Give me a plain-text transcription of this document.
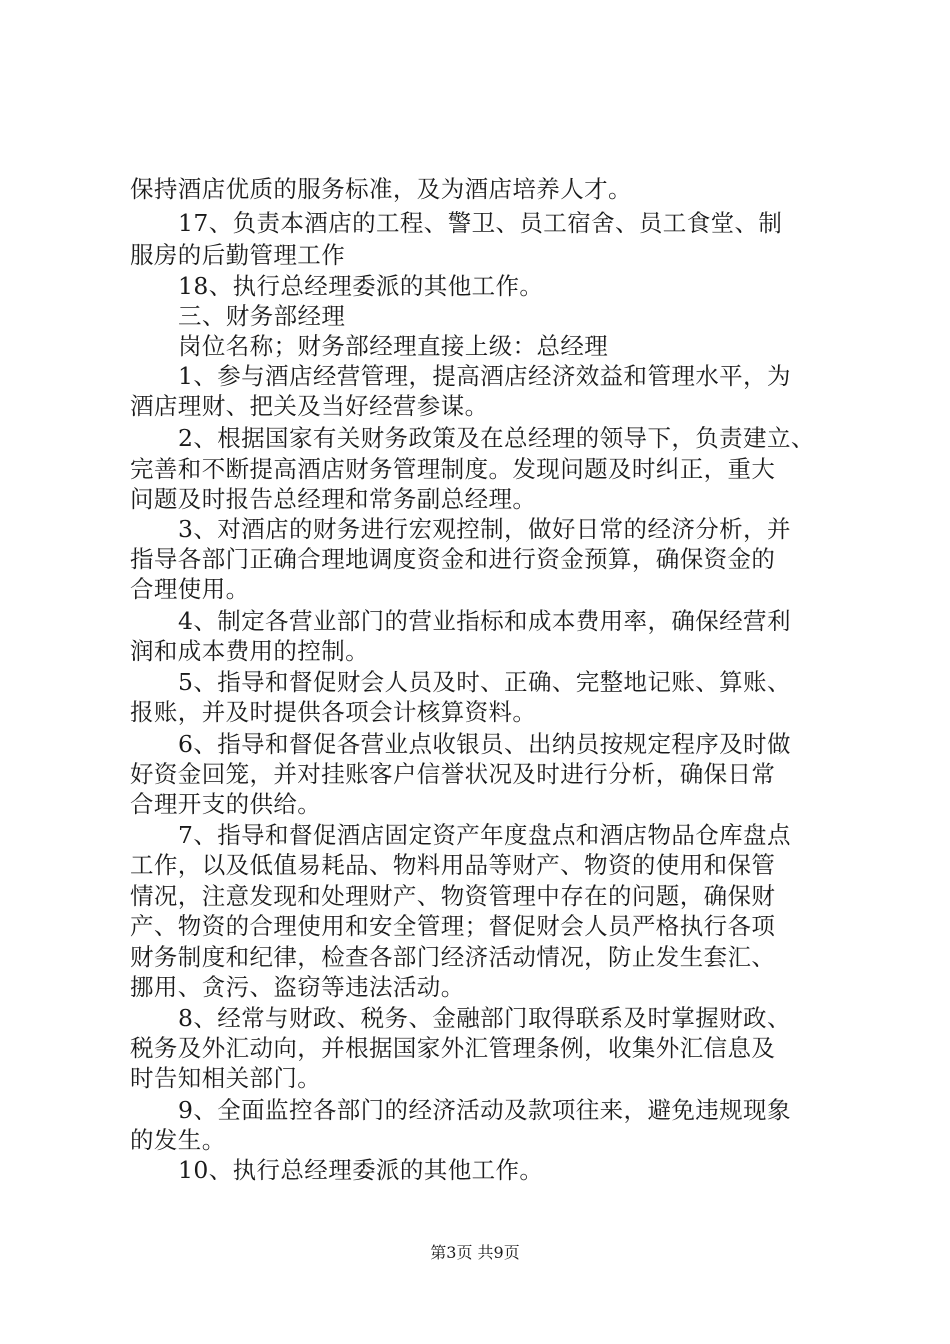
保持酒店优质的服务标准，及为酒店培养人才。
17、负责本酒店的工程、警卫、员工宿舍、员工食堂、制
服房的后勤管理工作
18、执行总经理委派的其他工作。
三、财务部经理
岗位名称；财务部经理直接上级：总经理
1、参与酒店经营管理，提高酒店经济效益和管理水平，为
酒店理财、把关及当好经营参谋。
2、根据国家有关财务政策及在总经理的领导下，负责建立、
完善和不断提高酒店财务管理制度。发现问题及时纠正，重大
问题及时报告总经理和常务副总经理。
3、对酒店的财务进行宏观控制，做好日常的经济分析，并
指导各部门正确合理地调度资金和进行资金预算，确保资金的
合理使用。
4、制定各营业部门的营业指标和成本费用率，确保经营利
润和成本费用的控制。
5、指导和督促财会人员及时、正确、完整地记账、算账、
报账，并及时提供各项会计核算资料。
6、指导和督促各营业点收银员、出纳员按规定程序及时做
好资金回笼，并对挂账客户信誉状况及时进行分析，确保日常
合理开支的供给。
7、指导和督促酒店固定资产年度盘点和酒店物品仓库盘点
工作，以及低值易耗品、物料用品等财产、物资的使用和保管
情况，注意发现和处理财产、物资管理中存在的问题，确保财
产、物资的合理使用和安全管理；督促财会人员严格执行各项
财务制度和纪律，检查各部门经济活动情况，防止发生套汇、
挪用、贪污、盗窃等违法活动。
8、经常与财政、税务、金融部门取得联系及时掌握财政、
税务及外汇动向，并根据国家外汇管理条例，收集外汇信息及
时告知相关部门。
9、全面监控各部门的经济活动及款项往来，避免违规现象
的发生。
10、执行总经理委派的其他工作。
第3页 共9页
